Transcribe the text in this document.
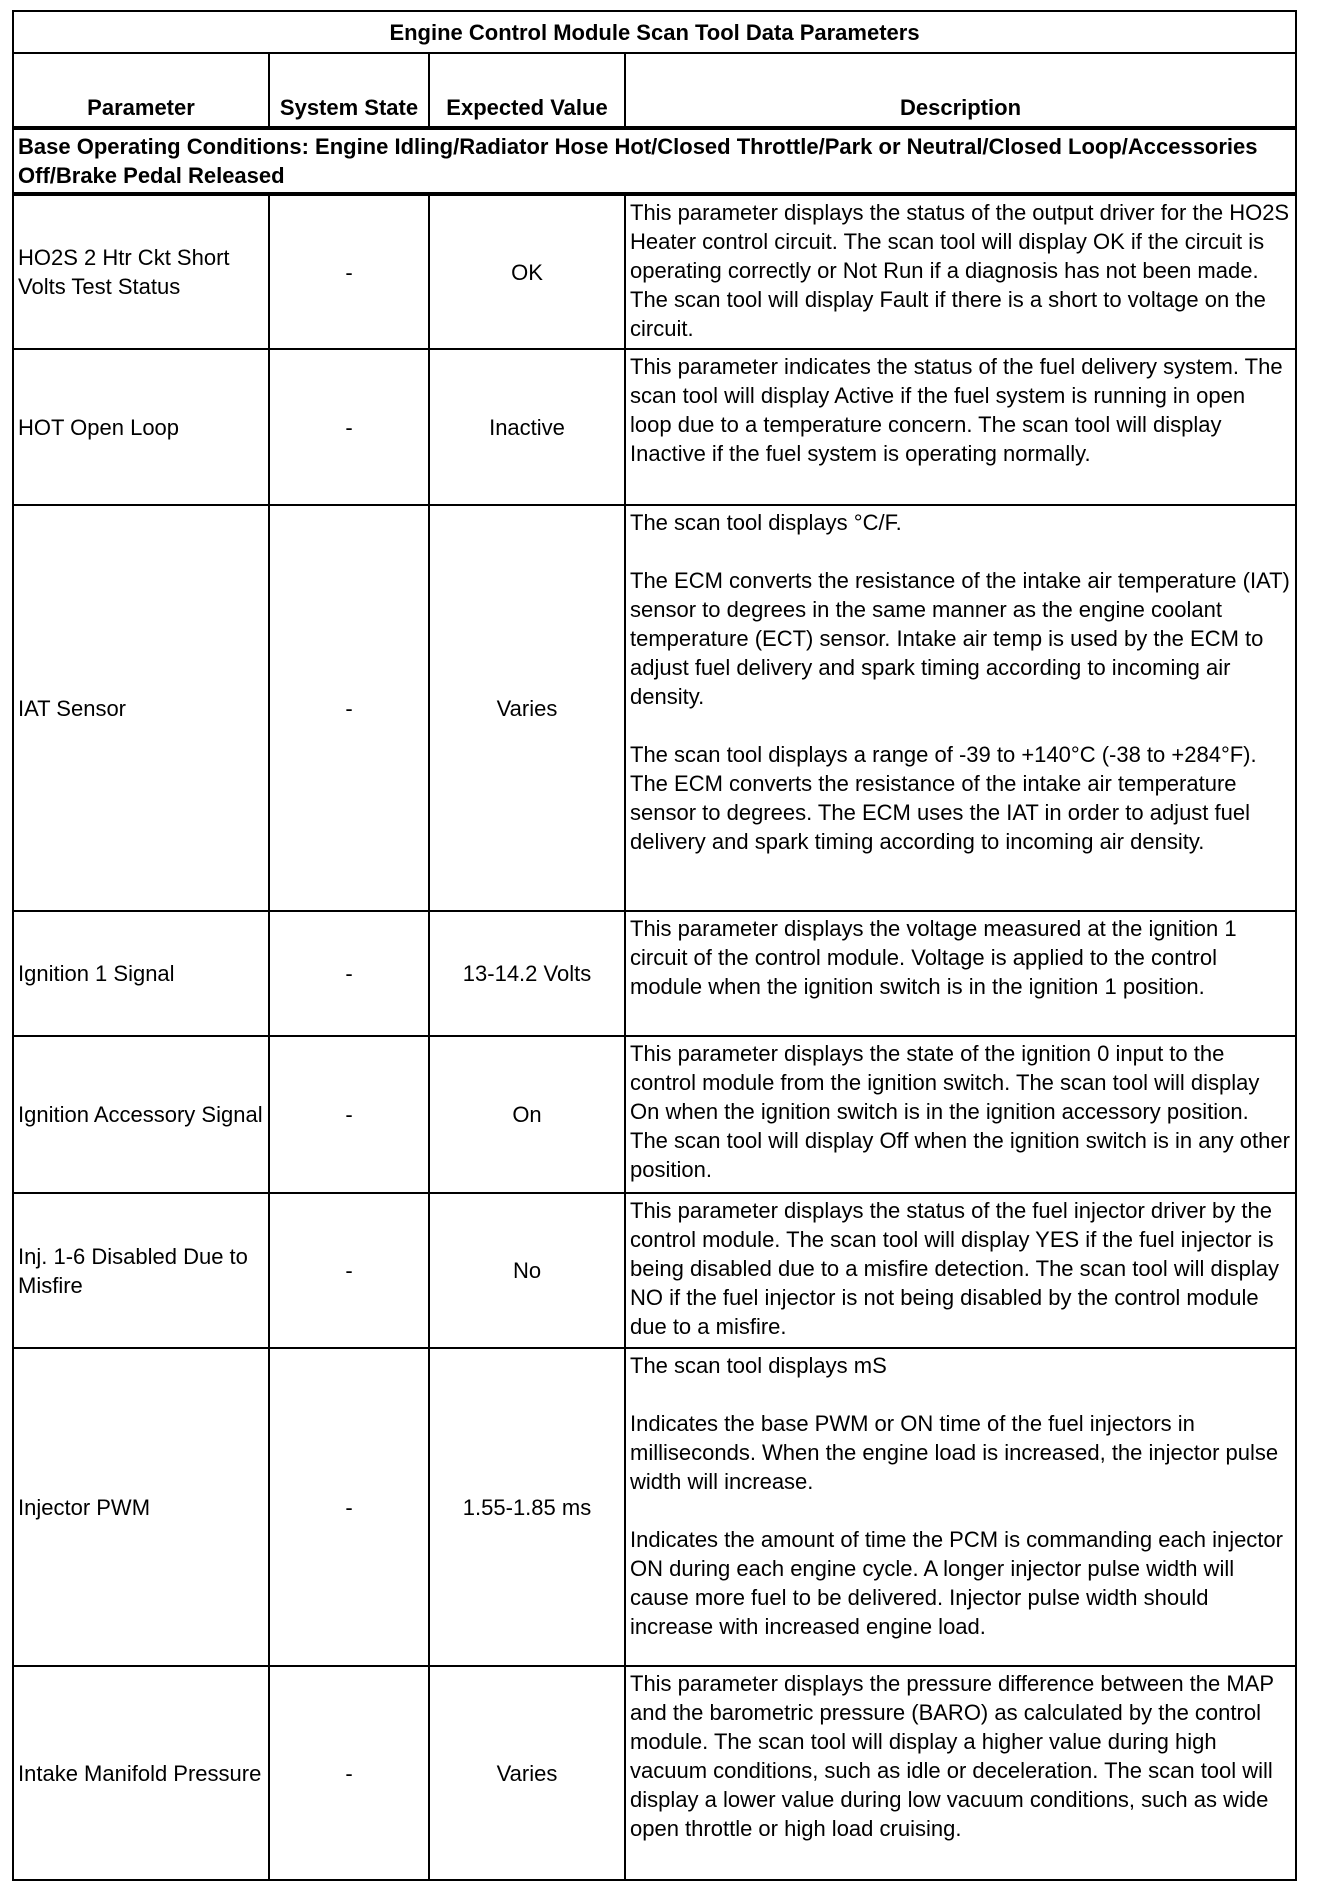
Engine Control Module Scan Tool Data Parameters			
Parameter	System State	Expected Value	Description
Base Operating Conditions: Engine Idling/Radiator Hose Hot/Closed Throttle/Park or Neutral/Closed Loop/Accessories Off/Brake Pedal Released			
HO2S 2 Htr Ckt Short Volts Test Status	-	OK	This parameter displays the status of the output driver for the HO2S Heater control circuit. The scan tool will display OK if the circuit is operating correctly or Not Run if a diagnosis has not been made. The scan tool will display Fault if there is a short to voltage on the circuit.

HOT Open Loop	-	Inactive	This parameter indicates the status of the fuel delivery system. The scan tool will display Active if the fuel system is running in open loop due to a temperature concern. The scan tool will display Inactive if the fuel system is operating normally.

IAT Sensor	-	Varies	The scan tool displays °C/F.

The ECM converts the resistance of the intake air temperature (IAT) sensor to degrees in the same manner as the engine coolant temperature (ECT) sensor. Intake air temp is used by the ECM to adjust fuel delivery and spark timing according to incoming air density.

The scan tool displays a range of -39 to +140°C (-38 to +284°F). The ECM converts the resistance of the intake air temperature sensor to degrees. The ECM uses the IAT in order to adjust fuel delivery and spark timing according to incoming air density.

Ignition 1 Signal	-	13-14.2 Volts	This parameter displays the voltage measured at the ignition 1 circuit of the control module. Voltage is applied to the control module when the ignition switch is in the ignition 1 position.

Ignition Accessory Signal	-	On	This parameter displays the state of the ignition 0 input to the control module from the ignition switch. The scan tool will display On when the ignition switch is in the ignition accessory position. The scan tool will display Off when the ignition switch is in any other position.

Inj. 1-6 Disabled Due to Misfire	-	No	This parameter displays the status of the fuel injector driver by the control module. The scan tool will display YES if the fuel injector is being disabled due to a misfire detection. The scan tool will display NO if the fuel injector is not being disabled by the control module due to a misfire.

Injector PWM	-	1.55-1.85 ms	The scan tool displays mS

Indicates the base PWM or ON time of the fuel injectors in milliseconds. When the engine load is increased, the injector pulse width will increase.

Indicates the amount of time the PCM is commanding each injector ON during each engine cycle. A longer injector pulse width will cause more fuel to be delivered. Injector pulse width should increase with increased engine load.

Intake Manifold Pressure	-	Varies	This parameter displays the pressure difference between the MAP and the barometric pressure (BARO) as calculated by the control module. The scan tool will display a higher value during high vacuum conditions, such as idle or deceleration. The scan tool will display a lower value during low vacuum conditions, such as wide open throttle or high load cruising.
